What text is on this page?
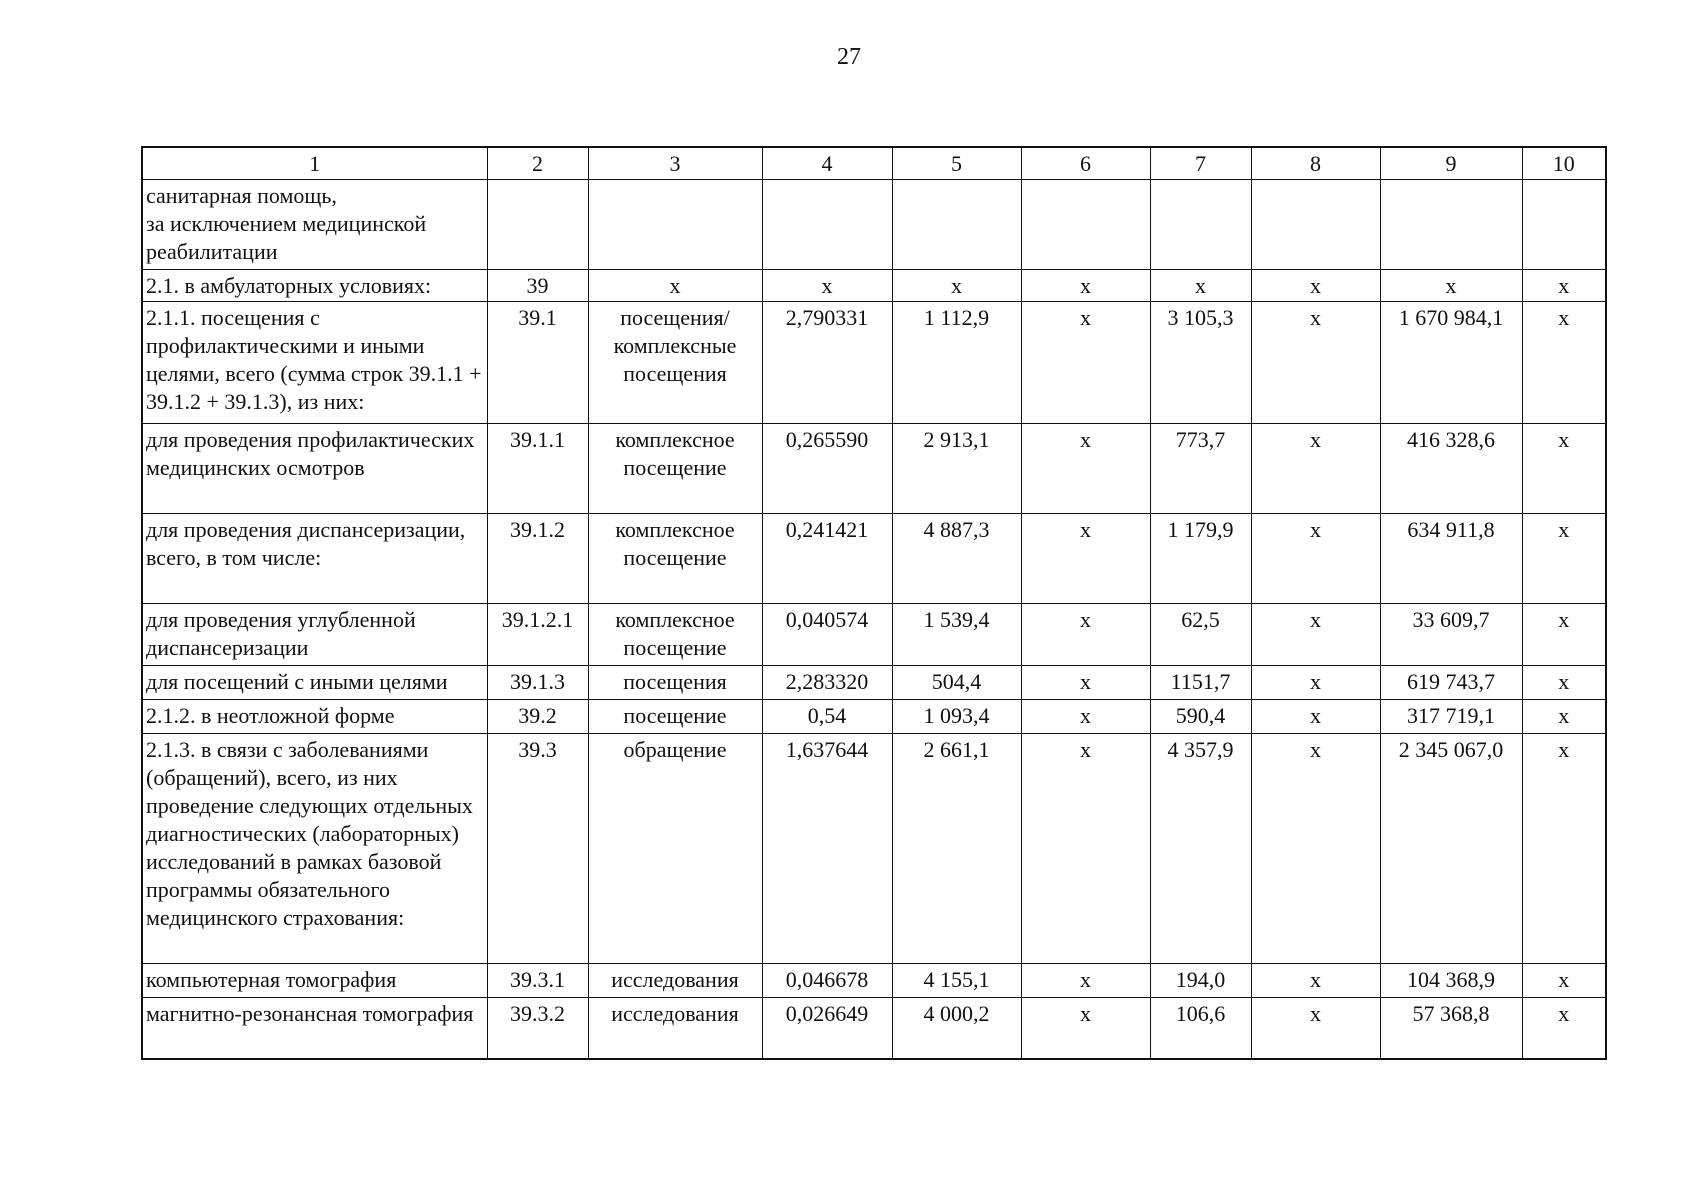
27
1	2	3	4	5	6	7	8	9	10
санитарная помощь,
за исключением медицинской реабилитации									
2.1. в амбулаторных условиях:	39	х	х	х	х	х	х	х	х
2.1.1. посещения с профилактическими и иными целями, всего (сумма строк 39.1.1 + 39.1.2 + 39.1.3), из них:	39.1	посещения/ комплексные посещения	2,790331	1 112,9	х	3 105,3	х	1 670 984,1	х
для проведения профилактических медицинских осмотров	39.1.1	комплексное посещение	0,265590	2 913,1	х	773,7	х	416 328,6	х
для проведения диспансеризации, всего, в том числе:	39.1.2	комплексное посещение	0,241421	4 887,3	х	1 179,9	х	634 911,8	х
для проведения углубленной диспансеризации	39.1.2.1	комплексное посещение	0,040574	1 539,4	х	62,5	х	33 609,7	х
для посещений с иными целями	39.1.3	посещения	2,283320	504,4	х	1151,7	х	619 743,7	х
2.1.2. в неотложной форме	39.2	посещение	0,54	1 093,4	х	590,4	х	317 719,1	х
2.1.3. в связи с заболеваниями (обращений), всего, из них проведение следующих отдельных диагностических (лабораторных) исследований в рамках базовой программы обязательного медицинского страхования:	39.3	обращение	1,637644	2 661,1	х	4 357,9	х	2 345 067,0	х
компьютерная томография	39.3.1	исследования	0,046678	4 155,1	х	194,0	х	104 368,9	х
магнитно-резонансная томография	39.3.2	исследования	0,026649	4 000,2	х	106,6	х	57 368,8	х
